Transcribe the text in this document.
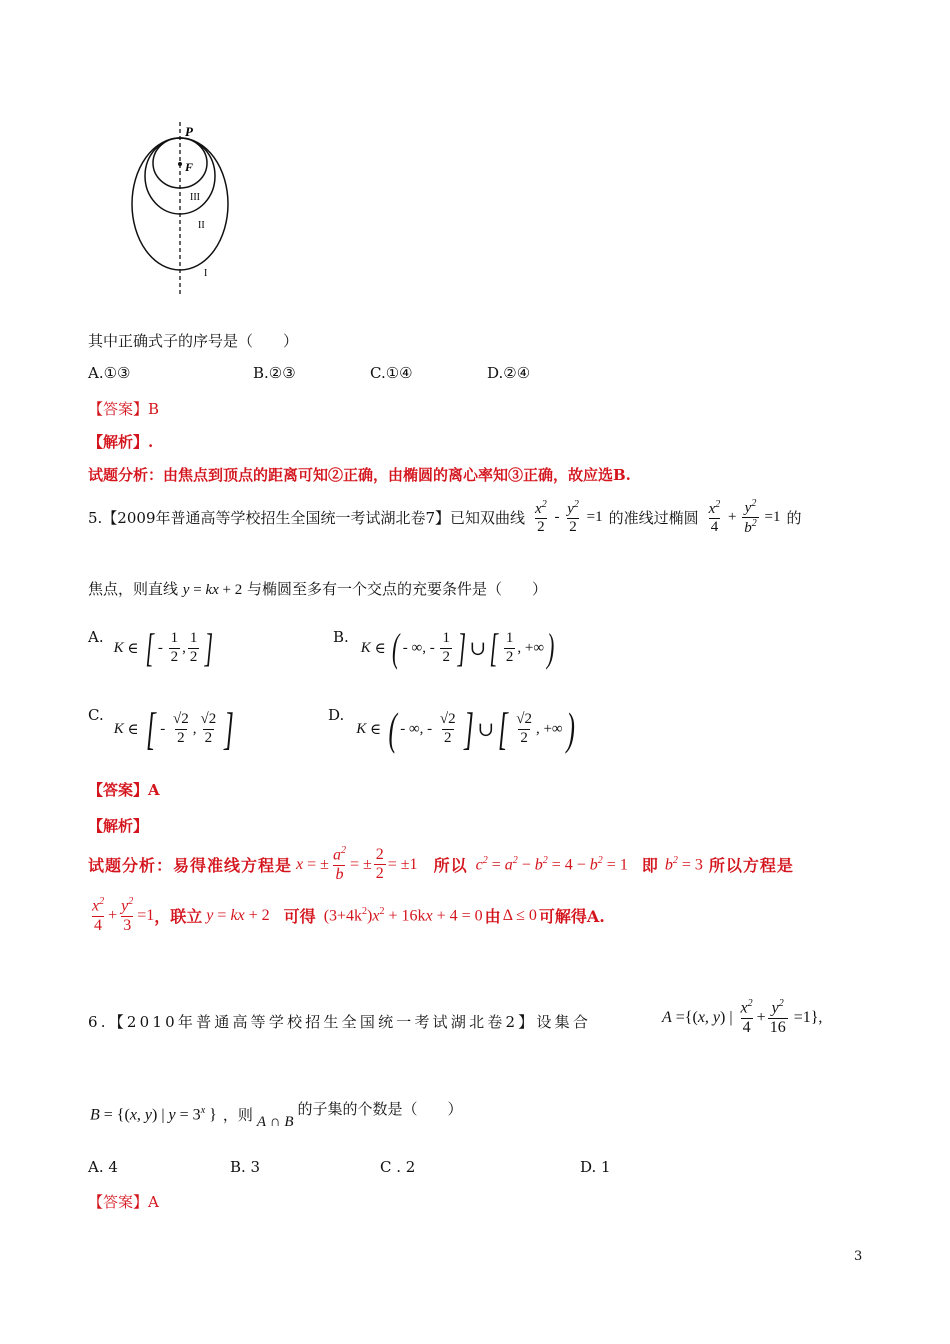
P
F
III
II
I
其中正确式子的序号是（　　）
A.①③	B.②③	C.①④	D.②④
【答案】B
【解析】.
试题分析：由焦点到顶点的距离可知②正确，由椭圆的离心率知③正确，故应选B.
5.【2009年普通高等学校招生全国统一考试湖北卷7】已知双曲线 $\frac{x^2}{2} - \frac{y^2}{2} =1$ 的准线过椭圆 $\frac{x^2}{4} + \frac{y^2}{b^2} =1$ 的
焦点，则直线 y = kx + 2 与椭圆至多有一个交点的充要条件是（　　）
A.
K ∈ [ - $\frac{1}{2}$ , $\frac{1}{2}$ ]	B.
K ∈ ( - ∞, - $\frac{1}{2}$ ] ∪ [ $\frac{1}{2}$ , +∞ )
C.
K ∈ [ - $\frac{√2}{2}$ , $\frac{√2}{2}$ ]	D.
K ∈ ( - ∞, - $\frac{√2}{2}$ ] ∪ [ $\frac{√2}{2}$ , +∞ )
【答案】A
【解析】
试题分析：易得准线方程是 x = ± $\frac{a^2}{b}$ = ± $\frac{2}{2} = \pm 1$ 所以 $c^2 = a^2 - b^2 = 4 - b^2 = 1$ 即 $b^2 = 3$ 所以方程是
$\frac{x^2}{4} + \frac{y^2}{3} =1$ ，联立 y = kx + 2 可得 $(3+4k^2)x^2 + 16kx + 4 = 0$ 由 Δ ≤ 0 可解得A.
6.【2010年普通高等学校招生全国统一考试湖北卷2】设集合	A ={( x, y ) | $\frac{x^2}{4} + \frac{y^2}{16} =1$},
B = {(x, y) | $y = 3^x$ } ，则 A ∩ B
的子集的个数是（　　）
A. 4	B. 3	C . 2	D. 1
【答案】A
3
